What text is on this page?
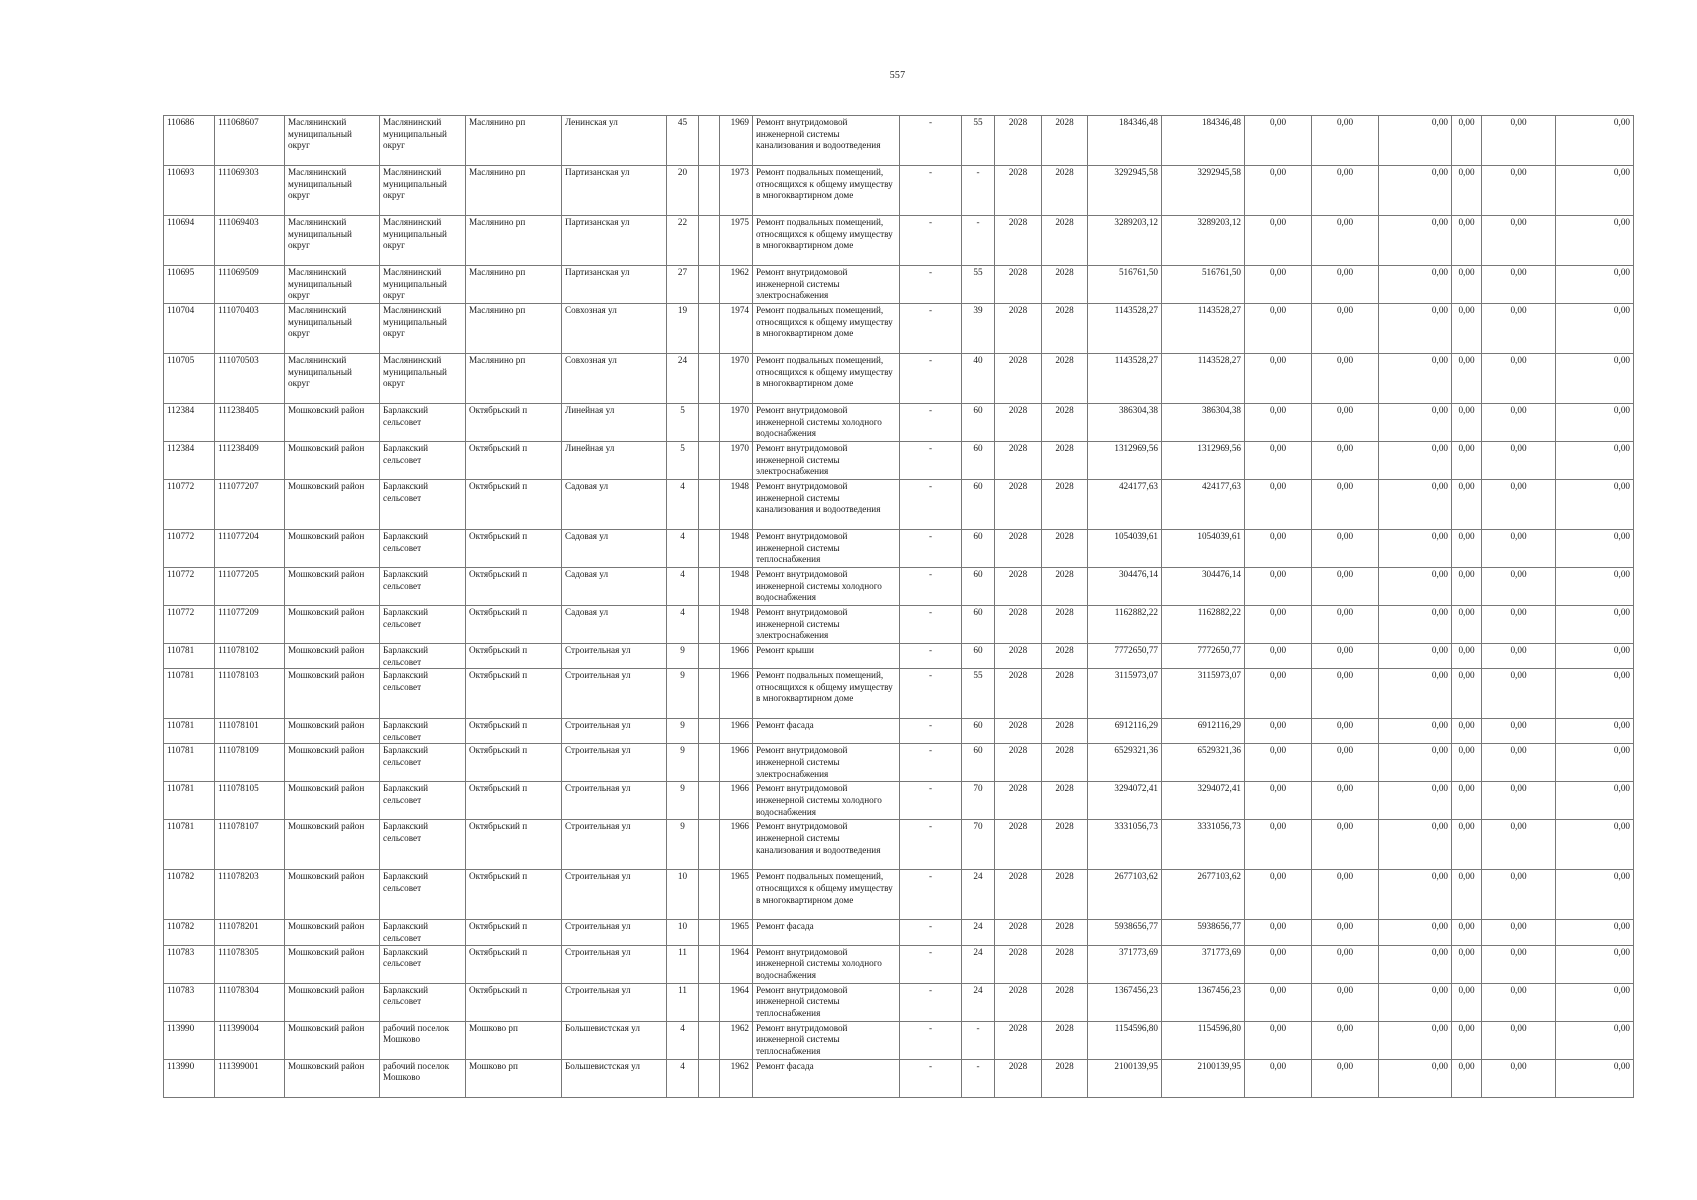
557
110686	111068607	Маслянинский муниципальный округ	Маслянинский муниципальный округ	Маслянино рп	Ленинская ул	45		1969	Ремонт внутридомовой инженерной системы канализования и водоотведения	-	55	2028	2028	184346,48	184346,48	0,00	0,00	0,00	0,00	0,00	0,00
110693	111069303	Маслянинский муниципальный округ	Маслянинский муниципальный округ	Маслянино рп	Партизанская ул	20		1973	Ремонт подвальных помещений, относящихся к общему имуществу в многоквартирном доме	-	-	2028	2028	3292945,58	3292945,58	0,00	0,00	0,00	0,00	0,00	0,00
110694	111069403	Маслянинский муниципальный округ	Маслянинский муниципальный округ	Маслянино рп	Партизанская ул	22		1975	Ремонт подвальных помещений, относящихся к общему имуществу в многоквартирном доме	-	-	2028	2028	3289203,12	3289203,12	0,00	0,00	0,00	0,00	0,00	0,00
110695	111069509	Маслянинский муниципальный округ	Маслянинский муниципальный округ	Маслянино рп	Партизанская ул	27		1962	Ремонт внутридомовой инженерной системы электроснабжения	-	55	2028	2028	516761,50	516761,50	0,00	0,00	0,00	0,00	0,00	0,00
110704	111070403	Маслянинский муниципальный округ	Маслянинский муниципальный округ	Маслянино рп	Совхозная ул	19		1974	Ремонт подвальных помещений, относящихся к общему имуществу в многоквартирном доме	-	39	2028	2028	1143528,27	1143528,27	0,00	0,00	0,00	0,00	0,00	0,00
110705	111070503	Маслянинский муниципальный округ	Маслянинский муниципальный округ	Маслянино рп	Совхозная ул	24		1970	Ремонт подвальных помещений, относящихся к общему имуществу в многоквартирном доме	-	40	2028	2028	1143528,27	1143528,27	0,00	0,00	0,00	0,00	0,00	0,00
112384	111238405	Мошковский район	Барлакский сельсовет	Октябрьский п	Линейная ул	5		1970	Ремонт внутридомовой инженерной системы холодного водоснабжения	-	60	2028	2028	386304,38	386304,38	0,00	0,00	0,00	0,00	0,00	0,00
112384	111238409	Мошковский район	Барлакский сельсовет	Октябрьский п	Линейная ул	5		1970	Ремонт внутридомовой инженерной системы электроснабжения	-	60	2028	2028	1312969,56	1312969,56	0,00	0,00	0,00	0,00	0,00	0,00
110772	111077207	Мошковский район	Барлакский сельсовет	Октябрьский п	Садовая ул	4		1948	Ремонт внутридомовой инженерной системы канализования и водоотведения	-	60	2028	2028	424177,63	424177,63	0,00	0,00	0,00	0,00	0,00	0,00
110772	111077204	Мошковский район	Барлакский сельсовет	Октябрьский п	Садовая ул	4		1948	Ремонт внутридомовой инженерной системы теплоснабжения	-	60	2028	2028	1054039,61	1054039,61	0,00	0,00	0,00	0,00	0,00	0,00
110772	111077205	Мошковский район	Барлакский сельсовет	Октябрьский п	Садовая ул	4		1948	Ремонт внутридомовой инженерной системы холодного водоснабжения	-	60	2028	2028	304476,14	304476,14	0,00	0,00	0,00	0,00	0,00	0,00
110772	111077209	Мошковский район	Барлакский сельсовет	Октябрьский п	Садовая ул	4		1948	Ремонт внутридомовой инженерной системы электроснабжения	-	60	2028	2028	1162882,22	1162882,22	0,00	0,00	0,00	0,00	0,00	0,00
110781	111078102	Мошковский район	Барлакский сельсовет	Октябрьский п	Строительная ул	9		1966	Ремонт крыши	-	60	2028	2028	7772650,77	7772650,77	0,00	0,00	0,00	0,00	0,00	0,00
110781	111078103	Мошковский район	Барлакский сельсовет	Октябрьский п	Строительная ул	9		1966	Ремонт подвальных помещений, относящихся к общему имуществу в многоквартирном доме	-	55	2028	2028	3115973,07	3115973,07	0,00	0,00	0,00	0,00	0,00	0,00
110781	111078101	Мошковский район	Барлакский сельсовет	Октябрьский п	Строительная ул	9		1966	Ремонт фасада	-	60	2028	2028	6912116,29	6912116,29	0,00	0,00	0,00	0,00	0,00	0,00
110781	111078109	Мошковский район	Барлакский сельсовет	Октябрьский п	Строительная ул	9		1966	Ремонт внутридомовой инженерной системы электроснабжения	-	60	2028	2028	6529321,36	6529321,36	0,00	0,00	0,00	0,00	0,00	0,00
110781	111078105	Мошковский район	Барлакский сельсовет	Октябрьский п	Строительная ул	9		1966	Ремонт внутридомовой инженерной системы холодного водоснабжения	-	70	2028	2028	3294072,41	3294072,41	0,00	0,00	0,00	0,00	0,00	0,00
110781	111078107	Мошковский район	Барлакский сельсовет	Октябрьский п	Строительная ул	9		1966	Ремонт внутридомовой инженерной системы канализования и водоотведения	-	70	2028	2028	3331056,73	3331056,73	0,00	0,00	0,00	0,00	0,00	0,00
110782	111078203	Мошковский район	Барлакский сельсовет	Октябрьский п	Строительная ул	10		1965	Ремонт подвальных помещений, относящихся к общему имуществу в многоквартирном доме	-	24	2028	2028	2677103,62	2677103,62	0,00	0,00	0,00	0,00	0,00	0,00
110782	111078201	Мошковский район	Барлакский сельсовет	Октябрьский п	Строительная ул	10		1965	Ремонт фасада	-	24	2028	2028	5938656,77	5938656,77	0,00	0,00	0,00	0,00	0,00	0,00
110783	111078305	Мошковский район	Барлакский сельсовет	Октябрьский п	Строительная ул	11		1964	Ремонт внутридомовой инженерной системы холодного водоснабжения	-	24	2028	2028	371773,69	371773,69	0,00	0,00	0,00	0,00	0,00	0,00
110783	111078304	Мошковский район	Барлакский сельсовет	Октябрьский п	Строительная ул	11		1964	Ремонт внутридомовой инженерной системы теплоснабжения	-	24	2028	2028	1367456,23	1367456,23	0,00	0,00	0,00	0,00	0,00	0,00
113990	111399004	Мошковский район	рабочий поселок Мошково	Мошково рп	Большевистская ул	4		1962	Ремонт внутридомовой инженерной системы теплоснабжения	-	-	2028	2028	1154596,80	1154596,80	0,00	0,00	0,00	0,00	0,00	0,00
113990	111399001	Мошковский район	рабочий поселок Мошково	Мошково рп	Большевистская ул	4		1962	Ремонт фасада	-	-	2028	2028	2100139,95	2100139,95	0,00	0,00	0,00	0,00	0,00	0,00
